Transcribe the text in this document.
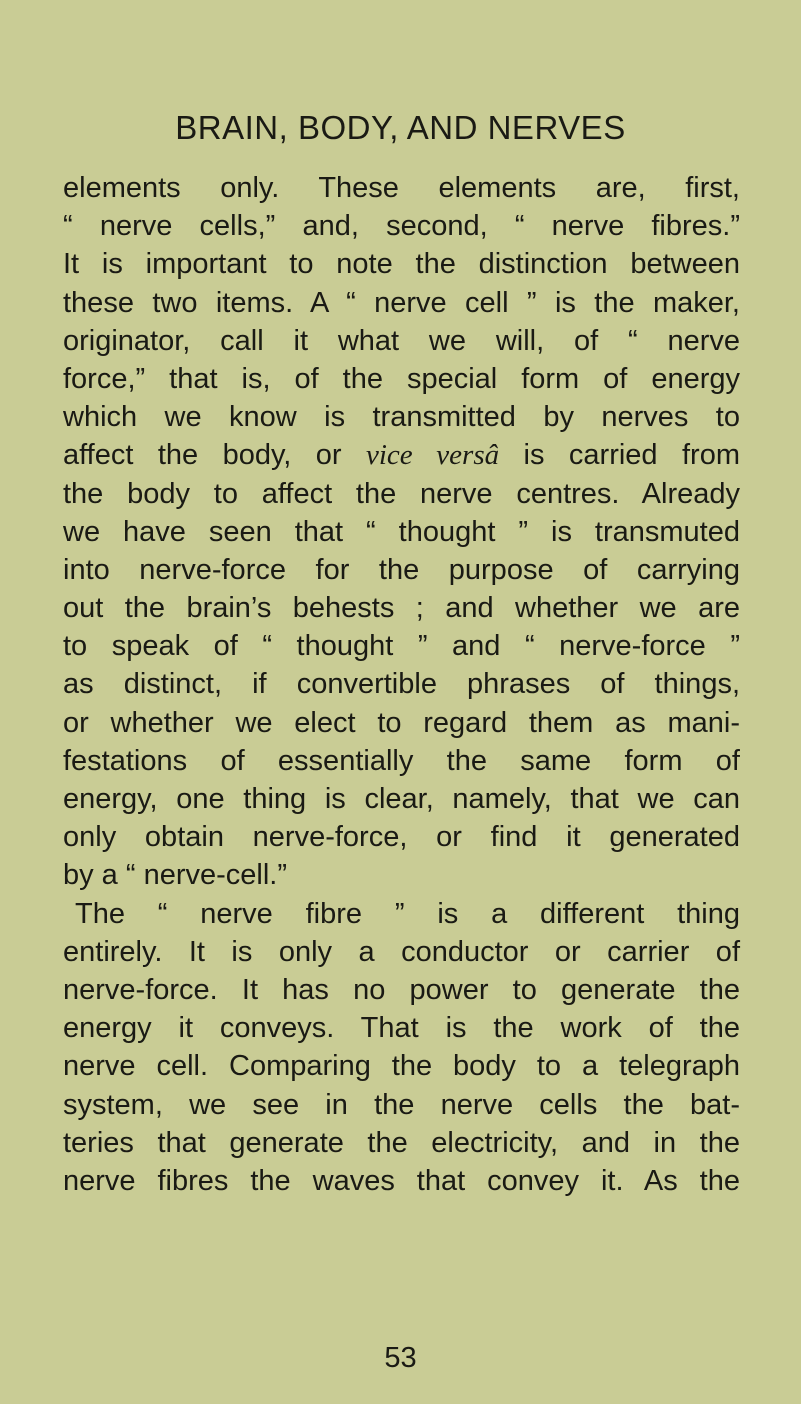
BRAIN, BODY, AND NERVES
elements only. These elements are, first,
“ nerve cells,” and, second, “ nerve fibres.”
It is important to note the distinction between
these two items. A “ nerve cell ” is the maker,
originator, call it what we will, of “ nerve
force,” that is, of the special form of energy
which we know is transmitted by nerves to
affect the body, or vice versâ is carried from
the body to affect the nerve centres. Already
we have seen that “ thought ” is transmuted
into nerve-force for the purpose of carrying
out the brain’s behests ; and whether we are
to speak of “ thought ” and “ nerve-force ”
as distinct, if convertible phrases of things,
or whether we elect to regard them as mani-
festations of essentially the same form of
energy, one thing is clear, namely, that we can
only obtain nerve-force, or find it generated
by a “ nerve-cell.”
The “ nerve fibre ” is a different thing
entirely. It is only a conductor or carrier of
nerve-force. It has no power to generate the
energy it conveys. That is the work of the
nerve cell. Comparing the body to a telegraph
system, we see in the nerve cells the bat-
teries that generate the electricity, and in the
nerve fibres the waves that convey it. As the
53
